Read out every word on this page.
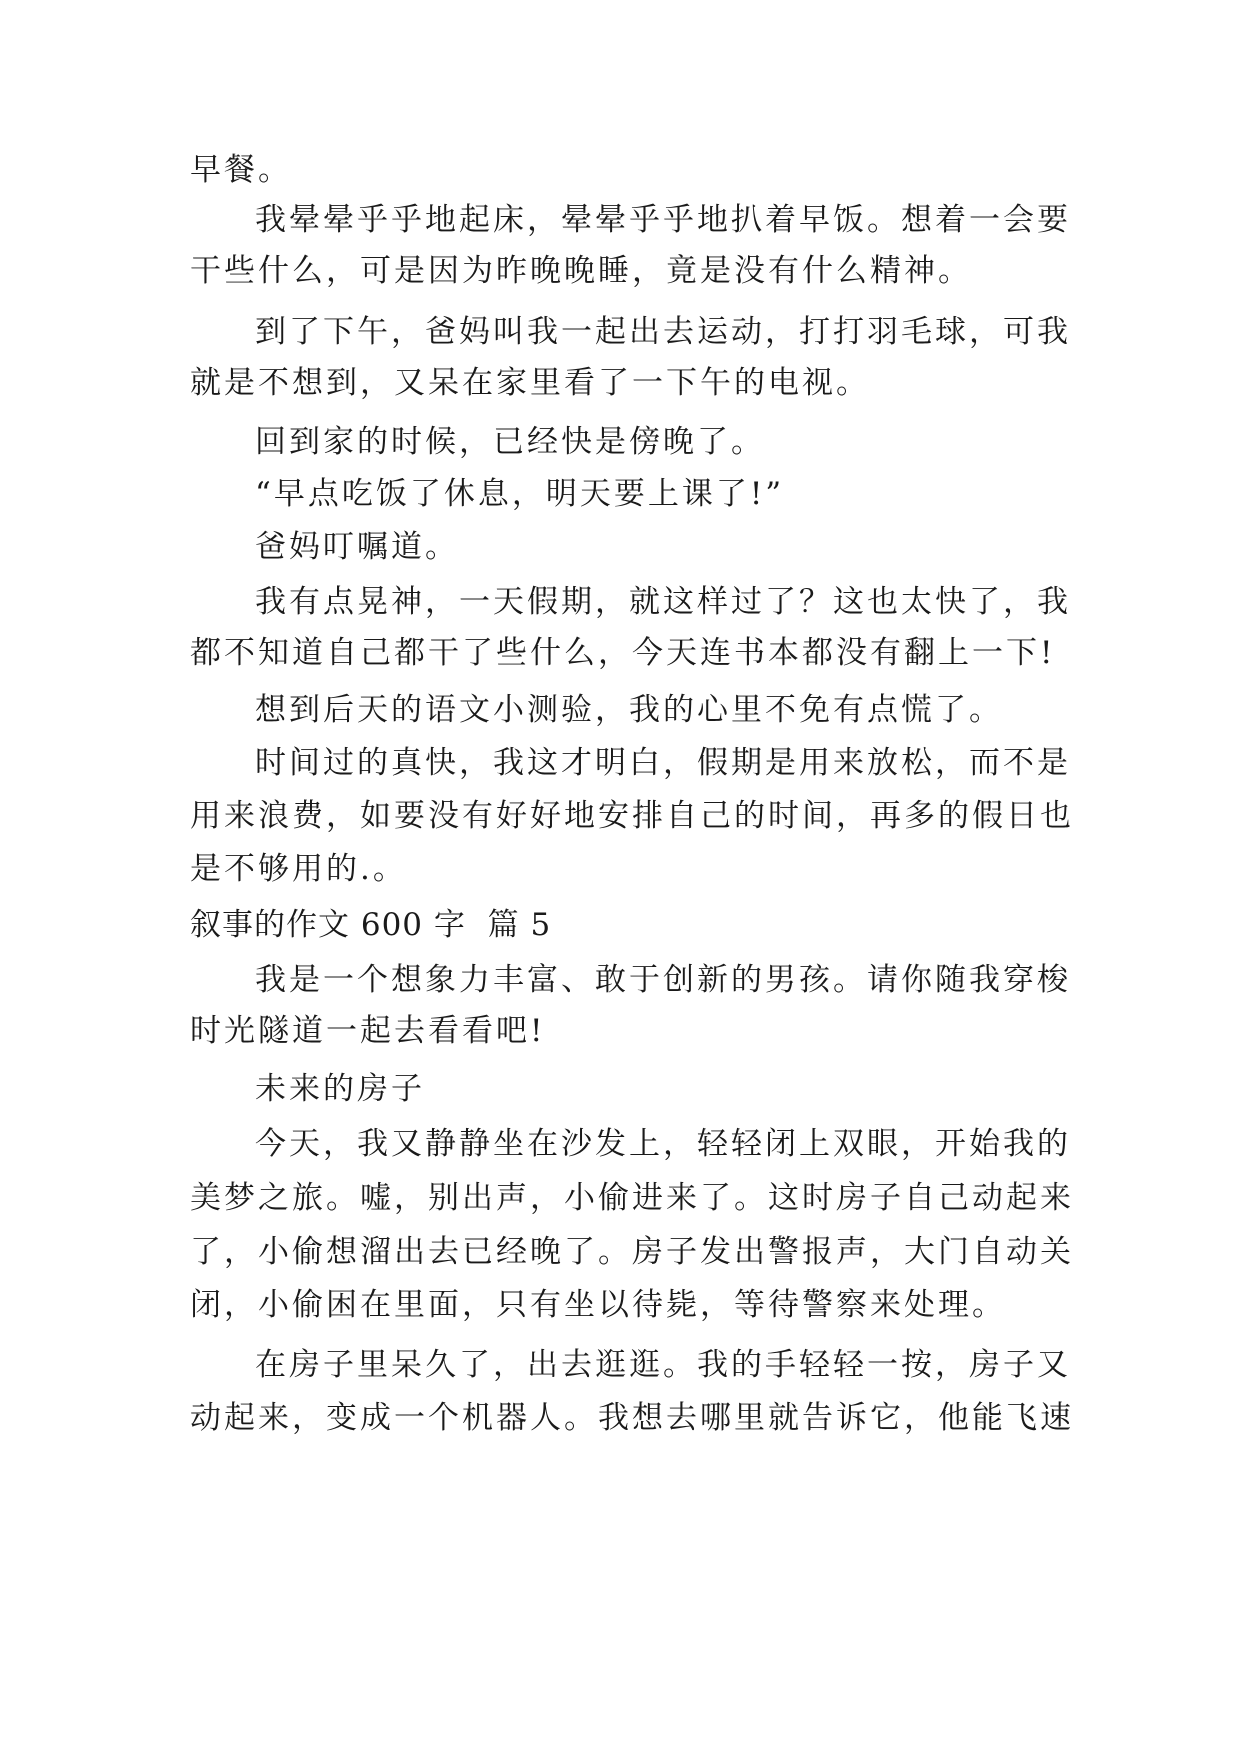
早餐。
我晕晕乎乎地起床，晕晕乎乎地扒着早饭。想着一会要
干些什么，可是因为昨晚晚睡，竟是没有什么精神。
到了下午，爸妈叫我一起出去运动，打打羽毛球，可我
就是不想到，又呆在家里看了一下午的电视。
回到家的时候，已经快是傍晚了。
“早点吃饭了休息，明天要上课了!”
爸妈叮嘱道。
我有点晃神，一天假期，就这样过了？这也太快了，我
都不知道自己都干了些什么，今天连书本都没有翻上一下!
想到后天的语文小测验，我的心里不免有点慌了。
时间过的真快，我这才明白，假期是用来放松，而不是
用来浪费，如要没有好好地安排自己的时间，再多的假日也
是不够用的.。
叙事的作文 600 字  篇 5
我是一个想象力丰富、敢于创新的男孩。请你随我穿梭
时光隧道一起去看看吧!
未来的房子
今天，我又静静坐在沙发上，轻轻闭上双眼，开始我的
美梦之旅。嘘，别出声，小偷进来了。这时房子自己动起来
了，小偷想溜出去已经晚了。房子发出警报声，大门自动关
闭，小偷困在里面，只有坐以待毙，等待警察来处理。
在房子里呆久了，出去逛逛。我的手轻轻一按，房子又
动起来，变成一个机器人。我想去哪里就告诉它，他能飞速
